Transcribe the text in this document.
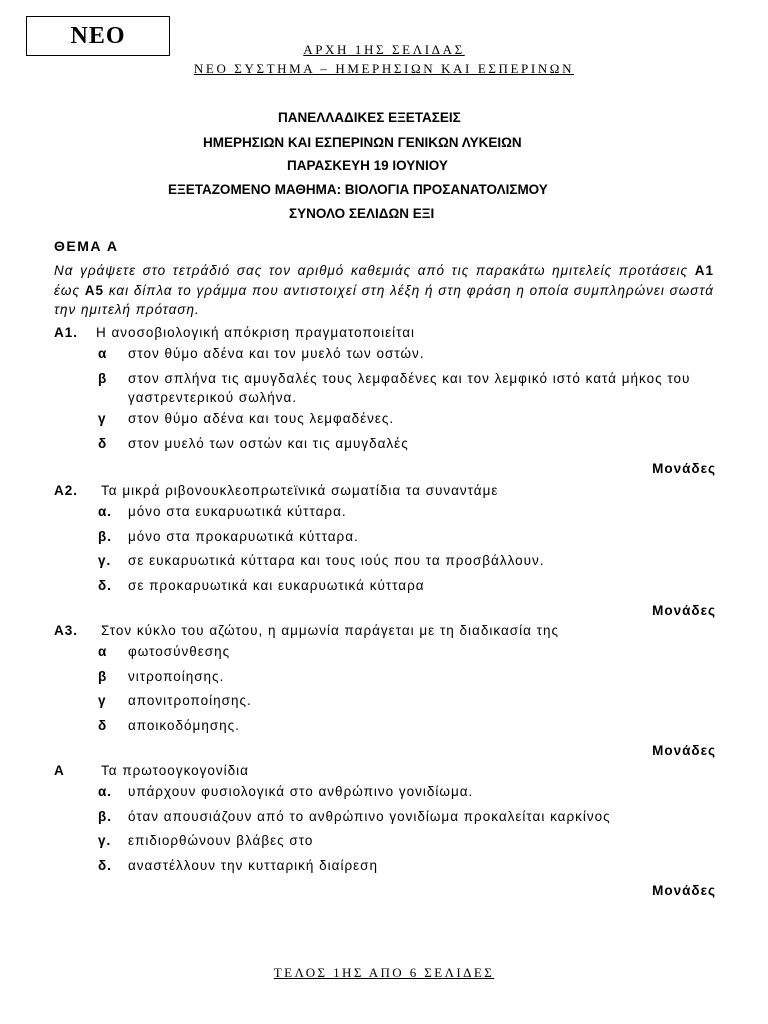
ΝΕΟ
ΑΡΧΗ 1ΗΣ ΣΕΛΙΔΑΣ
ΝΕΟ ΣΥΣΤΗΜΑ – ΗΜΕΡΗΣΙΩΝ ΚΑΙ ΕΣΠΕΡΙΝΩΝ
ΠΑΝΕΛΛΑΔΙΚΕΣ ΕΞΕΤΑΣΕΙΣ
ΗΜΕΡΗΣΙΩΝ ΚΑΙ ΕΣΠΕΡΙΝΩΝ ΓΕΝΙΚΩΝ ΛΥΚΕΙΩΝ
ΠΑΡΑΣΚΕΥΗ 19 ΙΟΥΝΙΟΥ
ΕΞΕΤΑΖΟΜΕΝΟ ΜΑΘΗΜΑ: ΒΙΟΛΟΓΙΑ ΠΡΟΣΑΝΑΤΟΛΙΣΜΟΥ
ΣΥΝΟΛΟ ΣΕΛΙΔΩΝ ΕΞΙ
ΘΕΜΑ Α
Να γράψετε στο τετράδιό σας τον αριθμό καθεμιάς από τις παρακάτω ημιτελείς προτάσεις Α1 έως Α5 και δίπλα το γράμμα που αντιστοιχεί στη λέξη ή στη φράση η οποία συμπληρώνει σωστά την ημιτελή πρόταση.
Α1. Η ανοσοβιολογική απόκριση πραγματοποιείται
α στον θύμο αδένα και τον μυελό των οστών.
β στον σπλήνα τις αμυγδαλές τους λεμφαδένες και τον λεμφικό ιστό κατά μήκος του γαστρεντερικού σωλήνα.
γ στον θύμο αδένα και τους λεμφαδένες.
δ στον μυελό των οστών και τις αμυγδαλές
Μονάδες
Α2. Τα μικρά ριβονουκλεοπρωτεϊνικά σωματίδια τα συναντάμε
α. μόνο στα ευκαρυωτικά κύτταρα.
β. μόνο στα προκαρυωτικά κύτταρα.
γ. σε ευκαρυωτικά κύτταρα και τους ιούς που τα προσβάλλουν.
δ. σε προκαρυωτικά και ευκαρυωτικά κύτταρα
Μονάδες
Α3. Στον κύκλο του αζώτου, η αμμωνία παράγεται με τη διαδικασία της
α φωτοσύνθεσης
β νιτροποίησης.
γ απονιτροποίησης.
δ αποικοδόμησης.
Μονάδες
Α	Τα πρωτοογκογονίδια
α. υπάρχουν φυσιολογικά στο ανθρώπινο γονιδίωμα.
β. όταν απουσιάζουν από το ανθρώπινο γονιδίωμα προκαλείται καρκίνος
γ. επιδιορθώνουν βλάβες στο
δ. αναστέλλουν την κυτταρική διαίρεση
Μονάδες
ΤΕΛΟΣ 1ΗΣ ΑΠΟ 6 ΣΕΛΙΔΕΣ
